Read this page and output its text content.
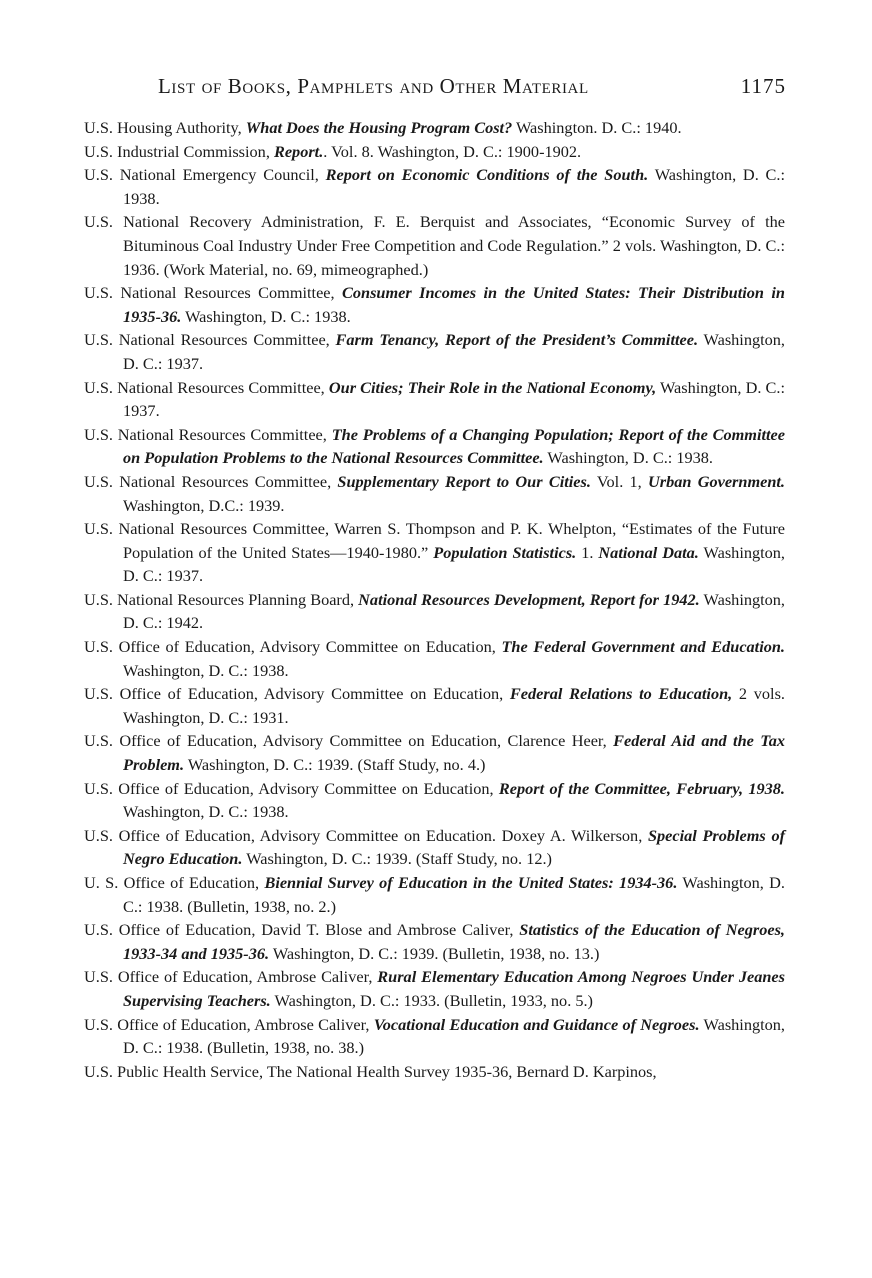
List of Books, Pamphlets and Other Material	1175
U.S. Housing Authority, What Does the Housing Program Cost? Washington. D. C.: 1940.
U.S. Industrial Commission, Report.. Vol. 8. Washington, D. C.: 1900-1902.
U.S. National Emergency Council, Report on Economic Conditions of the South. Washington, D. C.: 1938.
U.S. National Recovery Administration, F. E. Berquist and Associates, “Economic Survey of the Bituminous Coal Industry Under Free Competition and Code Regulation.” 2 vols. Washington, D. C.: 1936. (Work Material, no. 69, mimeographed.)
U.S. National Resources Committee, Consumer Incomes in the United States: Their Distribution in 1935-36. Washington, D. C.: 1938.
U.S. National Resources Committee, Farm Tenancy, Report of the President’s Committee. Washington, D. C.: 1937.
U.S. National Resources Committee, Our Cities; Their Role in the National Economy, Washington, D. C.: 1937.
U.S. National Resources Committee, The Problems of a Changing Population; Report of the Committee on Population Problems to the National Resources Committee. Washington, D. C.: 1938.
U.S. National Resources Committee, Supplementary Report to Our Cities. Vol. 1, Urban Government. Washington, D.C.: 1939.
U.S. National Resources Committee, Warren S. Thompson and P. K. Whelpton, “Estimates of the Future Population of the United States—1940-1980.” Population Statistics. 1. National Data. Washington, D. C.: 1937.
U.S. National Resources Planning Board, National Resources Development, Report for 1942. Washington, D. C.: 1942.
U.S. Office of Education, Advisory Committee on Education, The Federal Government and Education. Washington, D. C.: 1938.
U.S. Office of Education, Advisory Committee on Education, Federal Relations to Education, 2 vols. Washington, D. C.: 1931.
U.S. Office of Education, Advisory Committee on Education, Clarence Heer, Federal Aid and the Tax Problem. Washington, D. C.: 1939. (Staff Study, no. 4.)
U.S. Office of Education, Advisory Committee on Education, Report of the Committee, February, 1938. Washington, D. C.: 1938.
U.S. Office of Education, Advisory Committee on Education. Doxey A. Wilkerson, Special Problems of Negro Education. Washington, D. C.: 1939. (Staff Study, no. 12.)
U. S. Office of Education, Biennial Survey of Education in the United States: 1934-36. Washington, D. C.: 1938. (Bulletin, 1938, no. 2.)
U.S. Office of Education, David T. Blose and Ambrose Caliver, Statistics of the Education of Negroes, 1933-34 and 1935-36. Washington, D. C.: 1939. (Bulletin, 1938, no. 13.)
U.S. Office of Education, Ambrose Caliver, Rural Elementary Education Among Negroes Under Jeanes Supervising Teachers. Washington, D. C.: 1933. (Bulletin, 1933, no. 5.)
U.S. Office of Education, Ambrose Caliver, Vocational Education and Guidance of Negroes. Washington, D. C.: 1938. (Bulletin, 1938, no. 38.)
U.S. Public Health Service, The National Health Survey 1935-36, Bernard D. Karpinos,
